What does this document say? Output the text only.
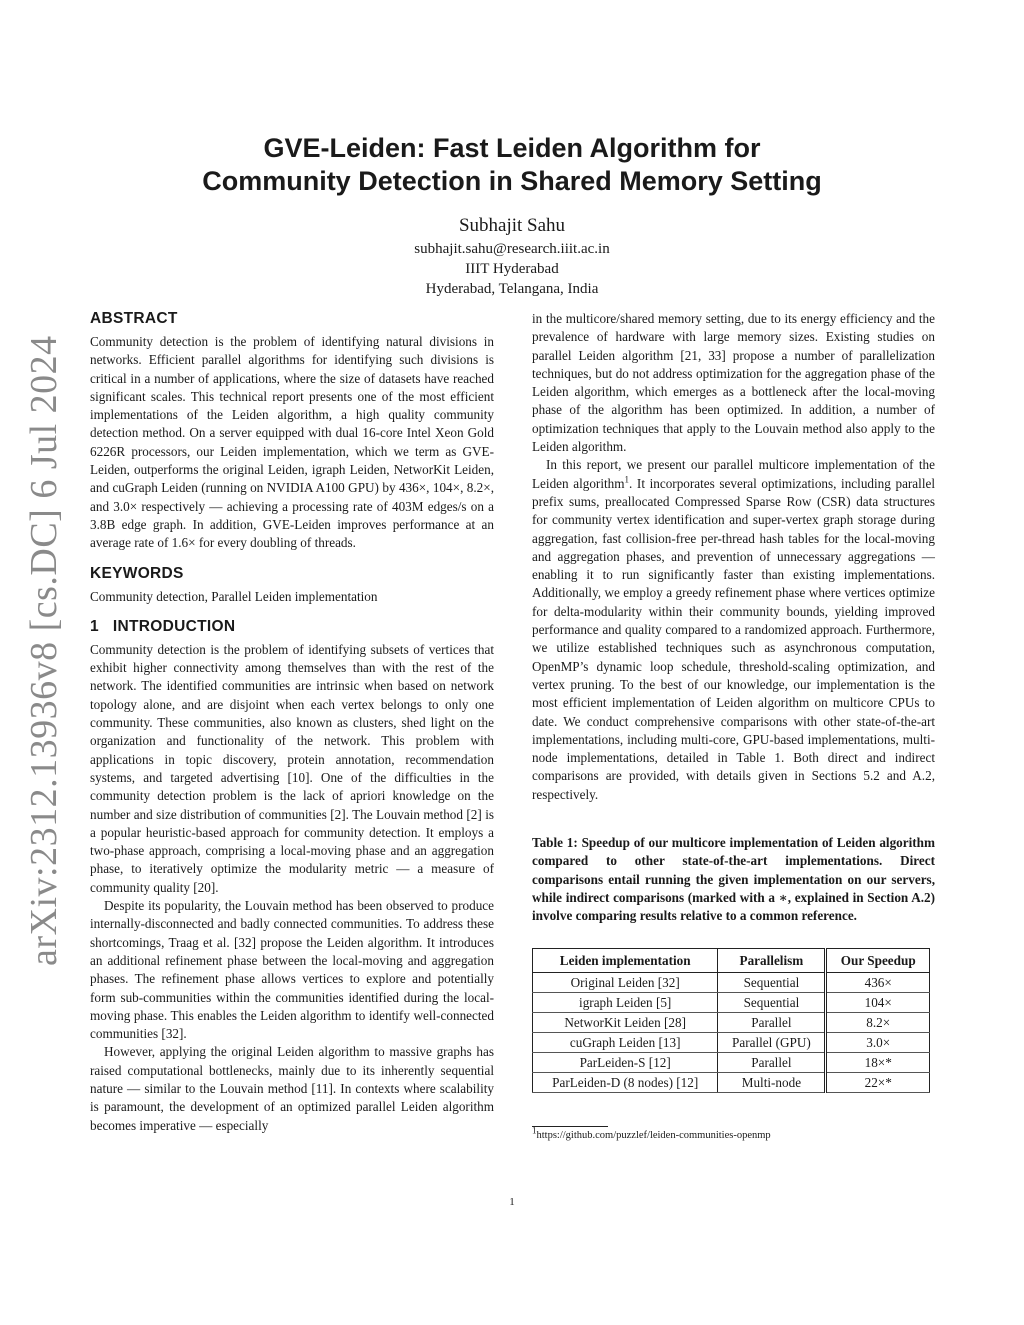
arXiv:2312.13936v8 [cs.DC] 6 Jul 2024
GVE-Leiden: Fast Leiden Algorithm for
Community Detection in Shared Memory Setting
Subhajit Sahu
subhajit.sahu@research.iiit.ac.in
IIIT Hyderabad
Hyderabad, Telangana, India
ABSTRACT

Community detection is the problem of identifying natural divisions in networks. Efficient parallel algorithms for identifying such divisions is critical in a number of applications, where the size of datasets have reached significant scales. This technical report presents one of the most efficient implementations of the Leiden algorithm, a high quality community detection method. On a server equipped with dual 16-core Intel Xeon Gold 6226R processors, our Leiden implementation, which we term as GVE-Leiden, outperforms the original Leiden, igraph Leiden, NetworKit Leiden, and cuGraph Leiden (running on NVIDIA A100 GPU) by 436×, 104×, 8.2×, and 3.0× respectively — achieving a processing rate of 403M edges/s on a 3.8B edge graph. In addition, GVE-Leiden improves performance at an average rate of 1.6× for every doubling of threads.

KEYWORDS

Community detection, Parallel Leiden implementation

1 INTRODUCTION

Community detection is the problem of identifying subsets of vertices that exhibit higher connectivity among themselves than with the rest of the network. The identified communities are intrinsic when based on network topology alone, and are disjoint when each vertex belongs to only one community. These communities, also known as clusters, shed light on the organization and functionality of the network. This problem with applications in topic discovery, protein annotation, recommendation systems, and targeted advertising [10]. One of the difficulties in the community detection problem is the lack of apriori knowledge on the number and size distribution of communities [2]. The Louvain method [2] is a popular heuristic-based approach for community detection. It employs a two-phase approach, comprising a local-moving phase and an aggregation phase, to iteratively optimize the modularity metric — a measure of community quality [20].

Despite its popularity, the Louvain method has been observed to produce internally-disconnected and badly connected communities. To address these shortcomings, Traag et al. [32] propose the Leiden algorithm. It introduces an additional refinement phase between the local-moving and aggregation phases. The refinement phase allows vertices to explore and potentially form sub-communities within the communities identified during the local-moving phase. This enables the Leiden algorithm to identify well-connected communities [32].

However, applying the original Leiden algorithm to massive graphs has raised computational bottlenecks, mainly due to its inherently sequential nature — similar to the Louvain method [11]. In contexts where scalability is paramount, the development of an optimized parallel Leiden algorithm becomes imperative — especially

in the multicore/shared memory setting, due to its energy efficiency and the prevalence of hardware with large memory sizes. Existing studies on parallel Leiden algorithm [21, 33] propose a number of parallelization techniques, but do not address optimization for the aggregation phase of the Leiden algorithm, which emerges as a bottleneck after the local-moving phase of the algorithm has been optimized. In addition, a number of optimization techniques that apply to the Louvain method also apply to the Leiden algorithm.

In this report, we present our parallel multicore implementation of the Leiden algorithm$^1$. It incorporates several optimizations, including parallel prefix sums, preallocated Compressed Sparse Row (CSR) data structures for community vertex identification and super-vertex graph storage during aggregation, fast collision-free per-thread hash tables for the local-moving and aggregation phases, and prevention of unnecessary aggregations — enabling it to run significantly faster than existing implementations. Additionally, we employ a greedy refinement phase where vertices optimize for delta-modularity within their community bounds, yielding improved performance and quality compared to a randomized approach. Furthermore, we utilize established techniques such as asynchronous computation, OpenMP’s dynamic loop schedule, threshold-scaling optimization, and vertex pruning. To the best of our knowledge, our implementation is the most efficient implementation of Leiden algorithm on multicore CPUs to date. We conduct comprehensive comparisons with other state-of-the-art implementations, including multi-core, GPU-based implementations, multi-node implementations, detailed in Table 1. Both direct and indirect comparisons are provided, with details given in Sections 5.2 and A.2, respectively.

Table 1: Speedup of our multicore implementation of Leiden algorithm compared to other state-of-the-art implementations. Direct comparisons entail running the given implementation on our servers, while indirect comparisons (marked with a ∗, explained in Section A.2) involve comparing results relative to a common reference.
Leiden implementation	Parallelism	Our Speedup
Original Leiden [32]	Sequential	436×
igraph Leiden [5]	Sequential	104×
NetworKit Leiden [28]	Parallel	8.2×
cuGraph Leiden [13]	Parallel (GPU)	3.0×
ParLeiden-S [12]	Parallel	18×*
ParLeiden-D (8 nodes) [12]	Multi-node	22×*
$^1$https://github.com/puzzlef/leiden-communities-openmp
1
